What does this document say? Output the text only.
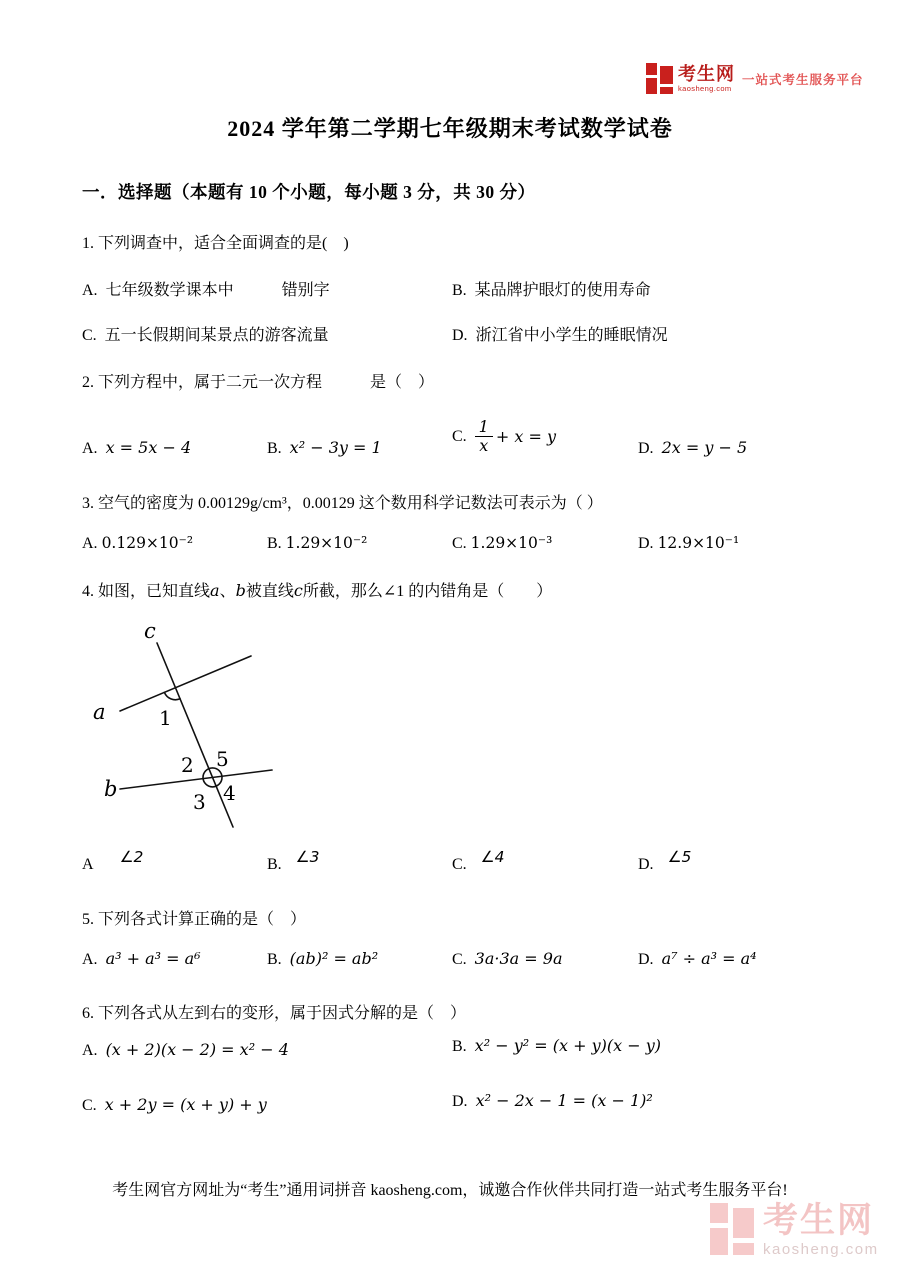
考生网
kaosheng.com
一站式考生服务平台
2024 学年第二学期七年级期末考试数学试卷
一．选择题（本题有 10 个小题，每小题 3 分，共 30 分）
1. 下列调查中，适合全面调查的是(　)
A. 七年级数学课本中　　　错别字	B. 某品牌护眼灯的使用寿命
C. 五一长假期间某景点的游客流量	D. 浙江省中小学生的睡眠情况
2. 下列方程中，属于二元一次方程　　　是（　）
A. x = 5x − 4	B. x² − 3y = 1
C. $\frac{1}{x} + x = y$
D. 2x = y − 5
3. 空气的密度为 0.00129g/cm³，0.00129 这个数用科学记数法可表示为（ ）
A. 0.129×10⁻²	B. 1.29×10⁻²	C. 1.29×10⁻³	D. 12.9×10⁻¹
4. 如图，已知直线a、b被直线c所截，那么∠1 的内错角是（　　）
c
a
b
1
2 5
3 4
A ∠2	B. ∠3	C. ∠4	D. ∠5
5. 下列各式计算正确的是（　）
A. a³ + a³ = a⁶	B. (ab)² = ab²	C. 3a·3a = 9a	D. a⁷ ÷ a³ = a⁴
6. 下列各式从左到右的变形，属于因式分解的是（　）
A. (x + 2)(x − 2) = x² − 4	B. x² − y² = (x + y)(x − y)
C. x + 2y = (x + y) + y	D. x² − 2x − 1 = (x − 1)²
考生网官方网址为“考生”通用词拼音 kaosheng.com，诚邀合作伙伴共同打造一站式考生服务平台!
考生网
kaosheng.com
